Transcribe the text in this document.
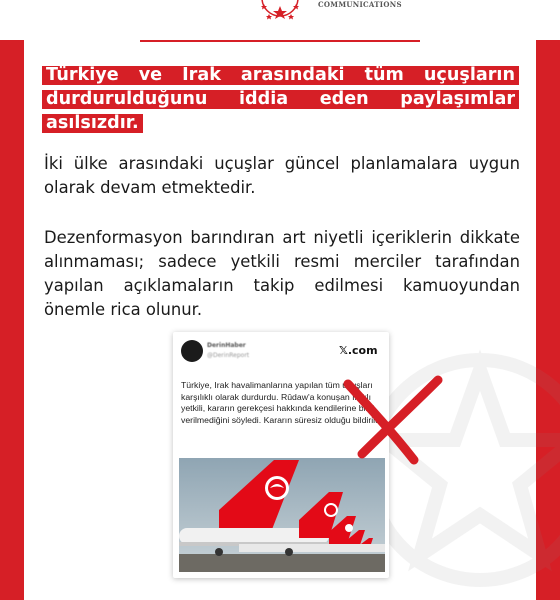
COMMUNICATIONS
Türkiye ve Irak arasındaki tüm uçuşların
durdurulduğunu iddia eden paylaşımlar
asılsızdır.
İki ülke arasındaki uçuşlar güncel planlamalara uygun olarak devam etmektedir.
Dezenformasyon barındıran art niyetli içeriklerin dikkate alınmaması; sadece yetkili resmi merciler tarafından yapılan açıklamaların takip edilmesi kamuoyundan önemle rica olunur.
DerinHaber
@DerinReport	𝕏.com
Türkiye, Irak havalimanlarına yapılan tüm uçuşları karşılıklı olarak durdurdu. Rûdaw'a konuşan Iraklı yetkili, kararın gerekçesi hakkında kendilerine bilgi verilmediğini söyledi. Kararın süresiz olduğu bildirildi
